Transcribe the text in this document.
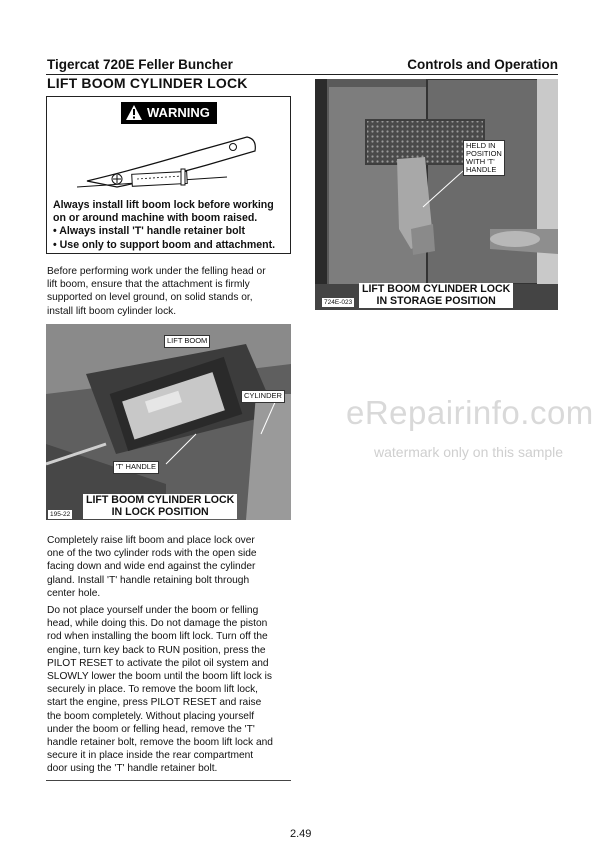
Tigercat 720E Feller Buncher	Controls and Operation
LIFT BOOM CYLINDER LOCK
WARNING
Always install lift boom lock before working
on or around machine with boom raised.
• Always install 'T' handle retainer bolt
• Use only to support boom and attachment.
Before performing work under the felling head or
lift boom, ensure that the attachment is firmly
supported on level ground, on solid stands or,
install lift boom cylinder lock.
LIFT BOOM
CYLINDER
'T' HANDLE
LIFT BOOM CYLINDER LOCK
IN LOCK POSITION
195-22
HELD IN
POSITION
WITH 'T'
HANDLE
LIFT BOOM CYLINDER LOCK
IN STORAGE POSITION
724E-023
eRepairinfo.com
watermark only on this sample
Completely raise lift boom and place lock over
one of the two cylinder rods with the open side
facing down and wide end against the cylinder
gland. Install 'T' handle retaining bolt through
center hole.
Do not place yourself under the boom or felling
head, while doing this. Do not damage the piston
rod when installing the boom lift lock. Turn off the
engine, turn key back to RUN position, press the
PILOT RESET to activate the pilot oil system and
SLOWLY lower the boom until the boom lift lock is
securely in place. To remove the boom lift lock,
start the engine, press PILOT RESET and raise
the boom completely. Without placing yourself
under the boom or felling head, remove the 'T'
handle retainer bolt, remove the boom lift lock and
secure it in place inside the rear compartment
door using the 'T' handle retainer bolt.
2.49
